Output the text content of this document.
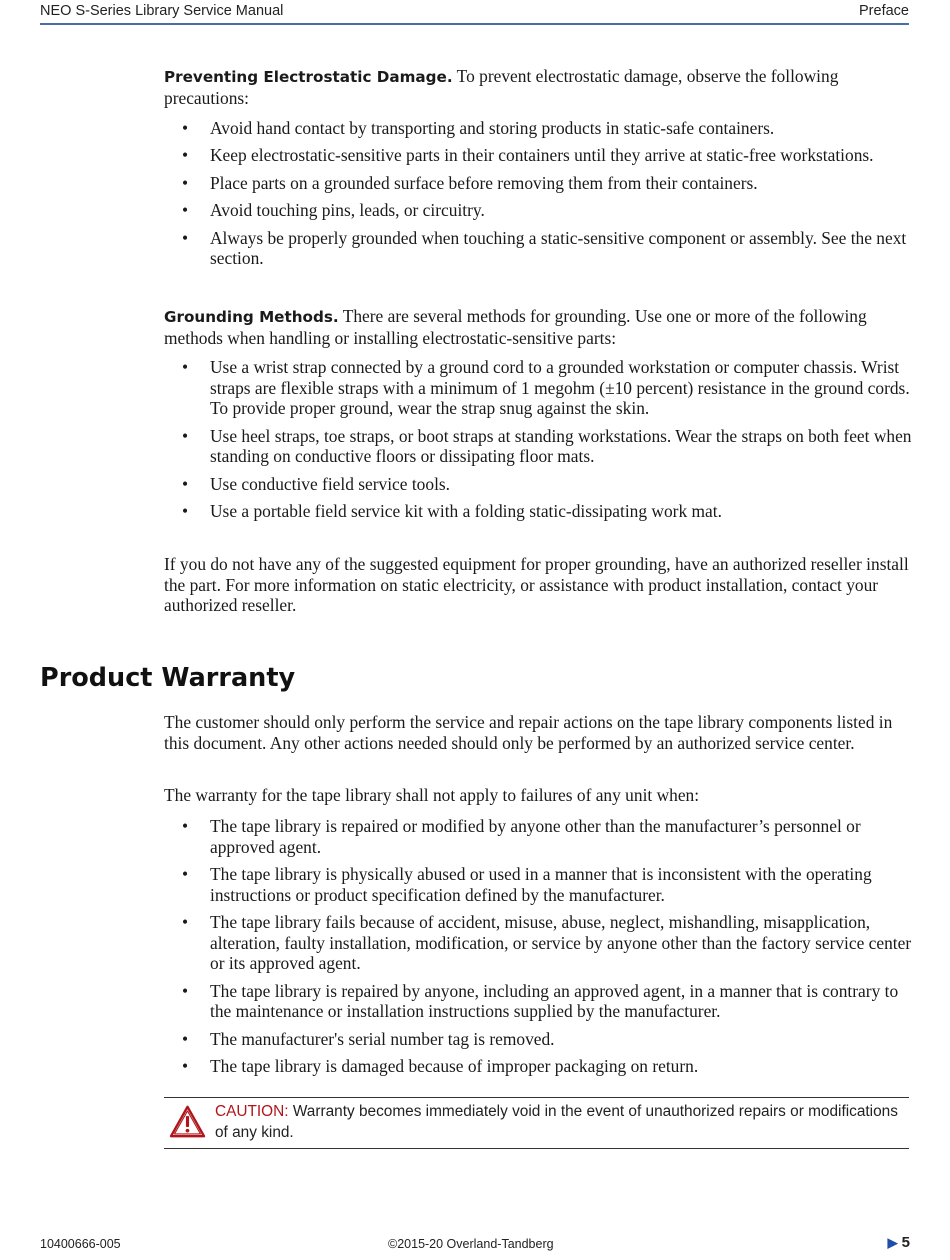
NEO S-Series Library Service Manual	Preface

Preventing Electrostatic Damage. To prevent electrostatic damage, observe the following precautions:

• Avoid hand contact by transporting and storing products in static-safe containers.
• Keep electrostatic-sensitive parts in their containers until they arrive at static-free workstations.
• Place parts on a grounded surface before removing them from their containers.
• Avoid touching pins, leads, or circuitry.
• Always be properly grounded when touching a static-sensitive component or assembly. See the next section.

Grounding Methods. There are several methods for grounding. Use one or more of the following methods when handling or installing electrostatic-sensitive parts:

• Use a wrist strap connected by a ground cord to a grounded workstation or computer chassis. Wrist straps are flexible straps with a minimum of 1 megohm (±10 percent) resistance in the ground cords. To provide proper ground, wear the strap snug against the skin.
• Use heel straps, toe straps, or boot straps at standing workstations. Wear the straps on both feet when standing on conductive floors or dissipating floor mats.
• Use conductive field service tools.
• Use a portable field service kit with a folding static-dissipating work mat.

If you do not have any of the suggested equipment for proper grounding, have an authorized reseller install the part. For more information on static electricity, or assistance with product installation, contact your authorized reseller.

Product Warranty

The customer should only perform the service and repair actions on the tape library components listed in this document. Any other actions needed should only be performed by an authorized service center.

The warranty for the tape library shall not apply to failures of any unit when:

• The tape library is repaired or modified by anyone other than the manufacturer’s personnel or approved agent.
• The tape library is physically abused or used in a manner that is inconsistent with the operating instructions or product specification defined by the manufacturer.
• The tape library fails because of accident, misuse, abuse, neglect, mishandling, misapplication, alteration, faulty installation, modification, or service by anyone other than the factory service center or its approved agent.
• The tape library is repaired by anyone, including an approved agent, in a manner that is contrary to the maintenance or installation instructions supplied by the manufacturer.
• The manufacturer's serial number tag is removed.
• The tape library is damaged because of improper packaging on return.
CAUTION: Warranty becomes immediately void in the event of unauthorized repairs or modifications of any kind.
10400666-005	©2015-20 Overland-Tandberg	▶ 5
